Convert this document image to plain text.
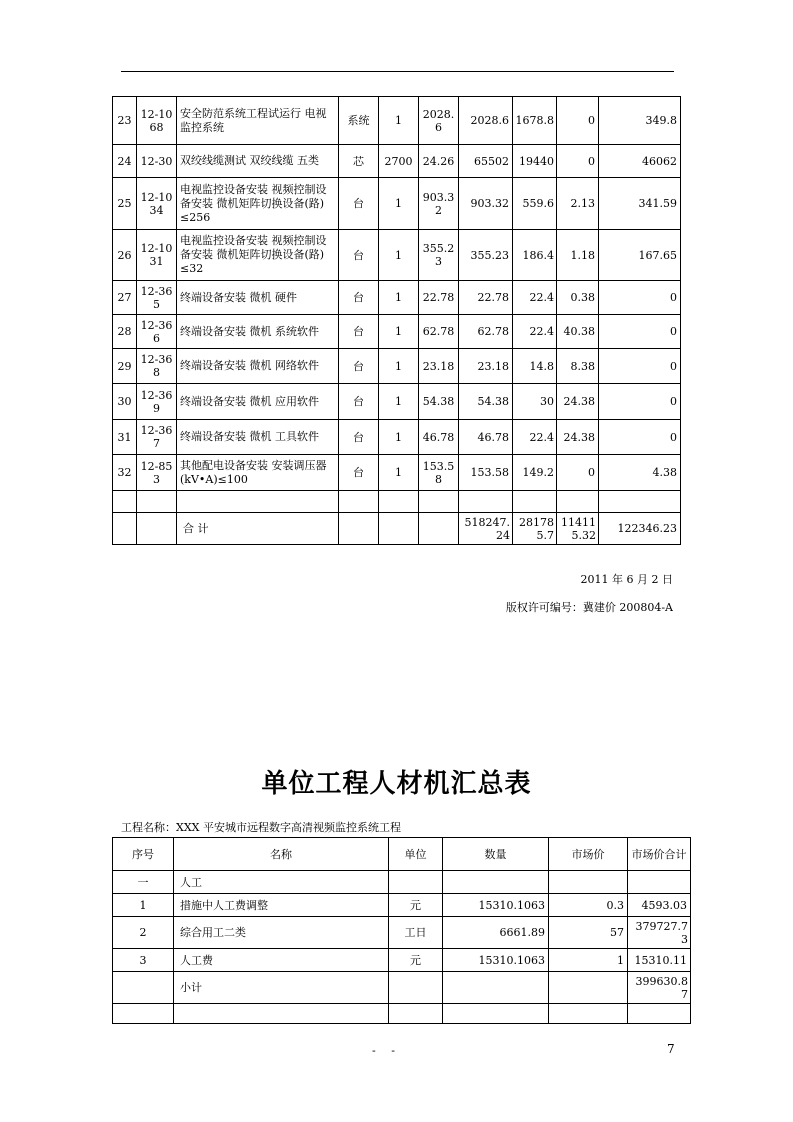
23	12-1068	安全防范系统工程试运行 电视监控系统	系统	1	2028.6	2028.6	1678.8	0	349.8
24	12-30	双绞线缆测试 双绞线缆 五类	芯	2700	24.26	65502	19440	0	46062
25	12-1034	电视监控设备安装 视频控制设备安装 微机矩阵切换设备(路) ≤256	台	1	903.32	903.32	559.6	2.13	341.59
26	12-1031	电视监控设备安装 视频控制设备安装 微机矩阵切换设备(路) ≤32	台	1	355.23	355.23	186.4	1.18	167.65
27	12-365	终端设备安装 微机 硬件	台	1	22.78	22.78	22.4	0.38	0
28	12-366	终端设备安装 微机 系统软件	台	1	62.78	62.78	22.4	40.38	0
29	12-368	终端设备安装 微机 网络软件	台	1	23.18	23.18	14.8	8.38	0
30	12-369	终端设备安装 微机 应用软件	台	1	54.38	54.38	30	24.38	0
31	12-367	终端设备安装 微机 工具软件	台	1	46.78	46.78	22.4	24.38	0
32	12-853	其他配电设备安装 安装调压器(kV•A)≤100	台	1	153.58	153.58	149.2	0	4.38

		合 计				518247.24	281785.7	114115.32	122346.23
2011 年 6 月 2 日
版权许可编号：冀建价 200804-A
单位工程人材机汇总表
工程名称：XXX 平安城市远程数字高清视频监控系统工程
序号	名称	单位	数量	市场价	市场价合计
一	人工				
1	措施中人工费调整	元	15310.1063	0.3	4593.03
2	综合用工二类	工日	6661.89	57	379727.73
3	人工费	元	15310.1063	1	15310.11
	小计				399630.87

- -	7
